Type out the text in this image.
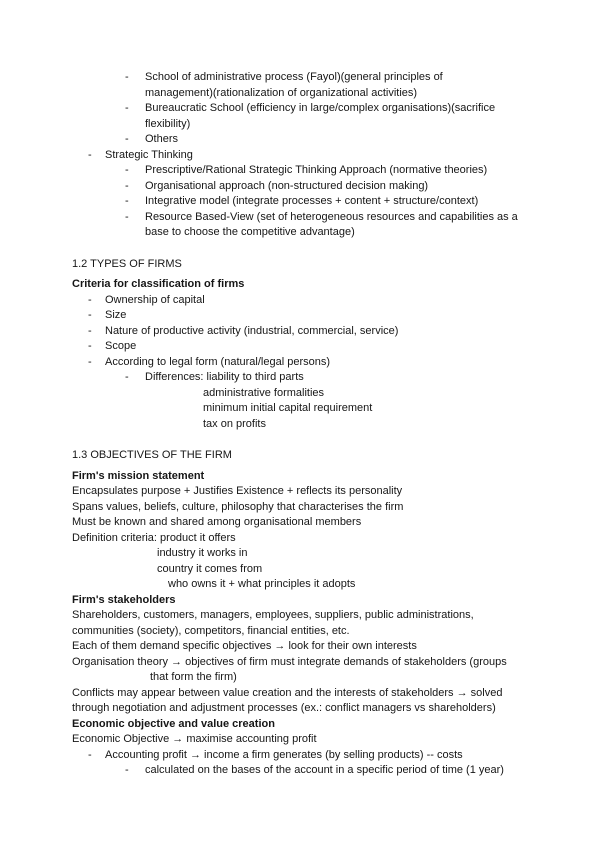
- School of administrative process (Fayol)(general principles of
management)(rationalization of organizational activities)
- Bureaucratic School (efficiency in large/complex organisations)(sacrifice
flexibility)
- Others
- Strategic Thinking
- Prescriptive/Rational Strategic Thinking Approach (normative theories)
- Organisational approach (non-structured decision making)
- Integrative model (integrate processes + content + structure/context)
- Resource Based-View (set of heterogeneous resources and capabilities as a
base to choose the competitive advantage)
1.2 TYPES OF FIRMS
Criteria for classification of firms
- Ownership of capital
- Size
- Nature of productive activity (industrial, commercial, service)
- Scope
- According to legal form (natural/legal persons)
- Differences: liability to third parts
administrative formalities
minimum initial capital requirement
tax on profits
1.3 OBJECTIVES OF THE FIRM
Firm's mission statement
Encapsulates purpose + Justifies Existence + reflects its personality
Spans values, beliefs, culture, philosophy that characterises the firm
Must be known and shared among organisational members
Definition criteria: product it offers
industry it works in
country it comes from
who owns it + what principles it adopts
Firm's stakeholders
Shareholders, customers, managers, employees, suppliers, public administrations,
communities (society), competitors, financial entities, etc.
Each of them demand specific objectives → look for their own interests
Organisation theory → objectives of firm must integrate demands of stakeholders (groups
that form the firm)
Conflicts may appear between value creation and the interests of stakeholders → solved
through negotiation and adjustment processes (ex.: conflict managers vs shareholders)
Economic objective and value creation
Economic Objective → maximise accounting profit
- Accounting profit → income a firm generates (by selling products) -- costs
- calculated on the bases of the account in a specific period of time (1 year)
